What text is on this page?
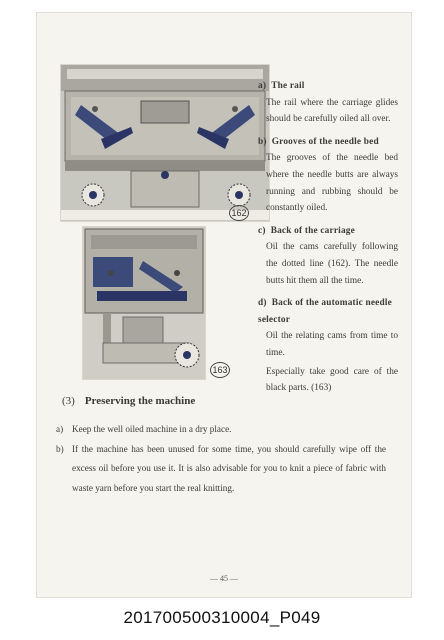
162
163
a) The rail

The rail where the carriage glides should be carefully oiled all over.

b) Grooves of the needle bed

The grooves of the needle bed where the needle butts are always running and rubbing should be constantly oiled.

c) Back of the carriage

Oil the cams carefully following the dotted line (162). The needle butts hit them all the time.

d) Back of the automatic needle selector

Oil the relating cams from time to time.

Especially take good care of the black parts. (163)

(3) Preserving the machine
a) Keep the well oiled machine in a dry place.
b) If the machine has been unused for some time, you should carefully wipe off the excess oil before you use it. It is also advisable for you to knit a piece of fabric with waste yarn before you start the real knitting.
— 45 —
201700500310004_P049
